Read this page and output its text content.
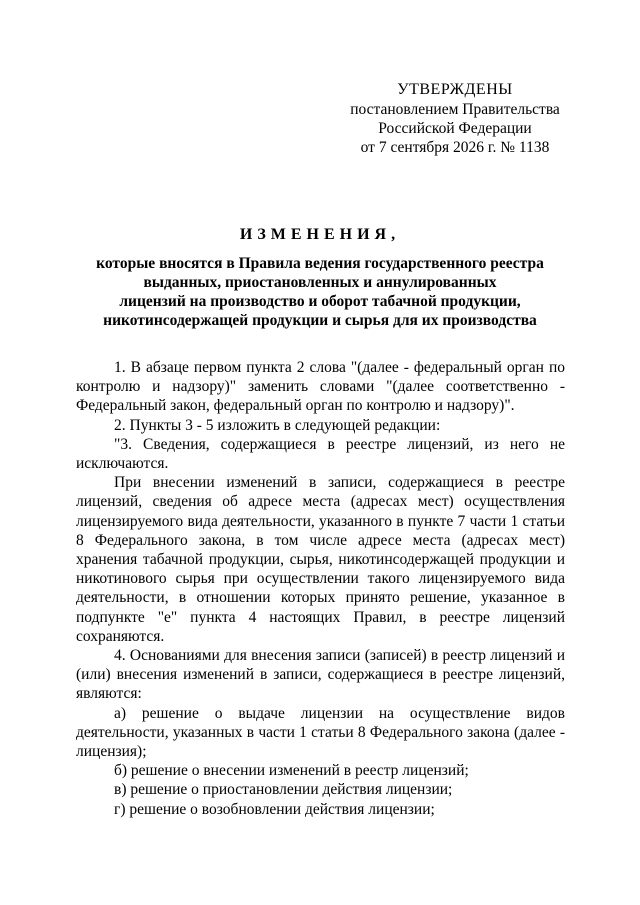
УТВЕРЖДЕНЫ
постановлением Правительства
Российской Федерации
от 7 сентября 2026 г. № 1138
ИЗМЕНЕНИЯ,
которые вносятся в Правила ведения государственного реестра
выданных, приостановленных и аннулированных
лицензий на производство и оборот табачной продукции,
никотинсодержащей продукции и сырья для их производства

1. В абзаце первом пункта 2 слова "(далее - федеральный орган по контролю и надзору)" заменить словами "(далее соответственно - Федеральный закон, федеральный орган по контролю и надзору)".

2. Пункты 3 - 5 изложить в следующей редакции:

"3. Сведения, содержащиеся в реестре лицензий, из него не исключаются.

При внесении изменений в записи, содержащиеся в реестре лицензий, сведения об адресе места (адресах мест) осуществления лицензируемого вида деятельности, указанного в пункте 7 части 1 статьи 8 Федерального закона, в том числе адресе места (адресах мест) хранения табачной продукции, сырья, никотинсодержащей продукции и никотинового сырья при осуществлении такого лицензируемого вида деятельности, в отношении которых принято решение, указанное в подпункте "е" пункта 4 настоящих Правил, в реестре лицензий сохраняются.

4. Основаниями для внесения записи (записей) в реестр лицензий и (или) внесения изменений в записи, содержащиеся в реестре лицензий, являются:

а) решение о выдаче лицензии на осуществление видов деятельности, указанных в части 1 статьи 8 Федерального закона (далее - лицензия);

б) решение о внесении изменений в реестр лицензий;

в) решение о приостановлении действия лицензии;

г) решение о возобновлении действия лицензии;
